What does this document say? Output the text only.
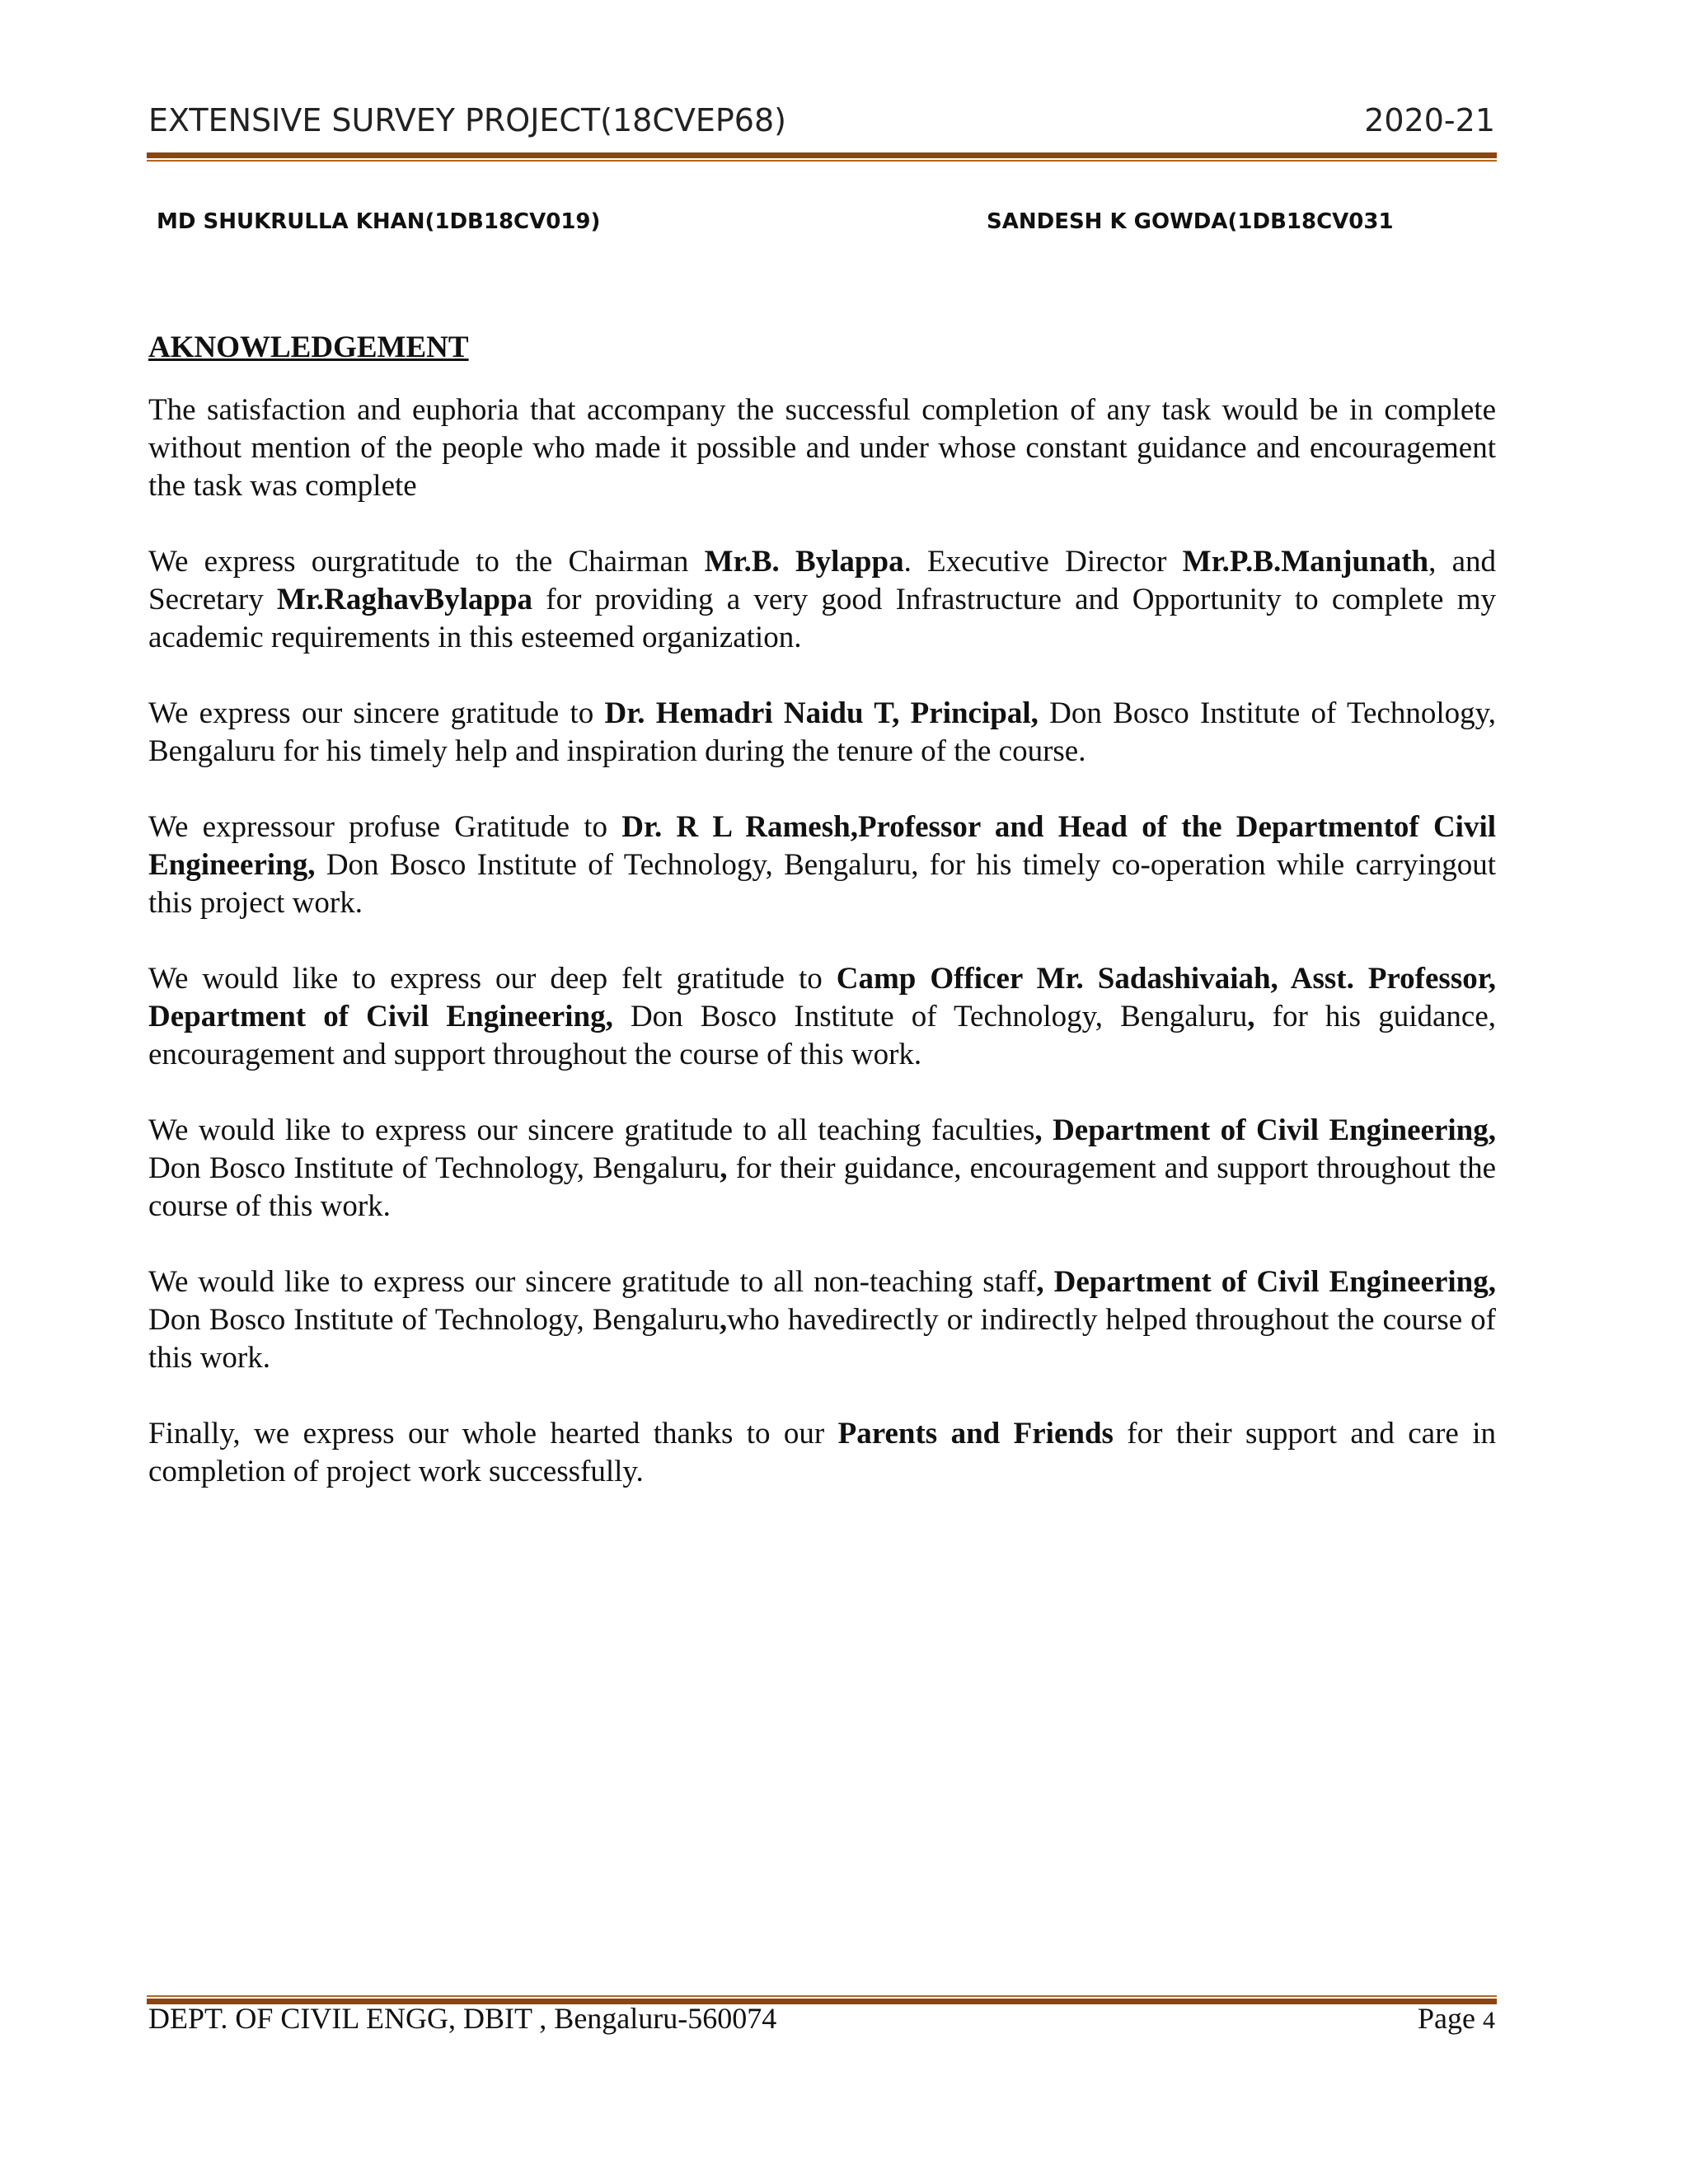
EXTENSIVE SURVEY PROJECT(18CVEP68)	2020-21
MD SHUKRULLA KHAN(1DB18CV019)	SANDESH K GOWDA(1DB18CV031
AKNOWLEDGEMENT

The satisfaction and euphoria that accompany the successful completion of any task would be in complete without mention of the people who made it possible and under whose constant guidance and encouragement the task was complete

We express ourgratitude to the Chairman Mr.B. Bylappa. Executive Director Mr.P.B.Manjunath, and Secretary Mr.RaghavBylappa for providing a very good Infrastructure and Opportunity to complete my academic requirements in this esteemed organization.

We express our sincere gratitude to Dr. Hemadri Naidu T, Principal, Don Bosco Institute of Technology, Bengaluru for his timely help and inspiration during the tenure of the course.

We expressour profuse Gratitude to Dr. R L Ramesh,Professor and Head of the Departmentof Civil Engineering, Don Bosco Institute of Technology, Bengaluru, for his timely co-operation while carryingout this project work.

We would like to express our deep felt gratitude to Camp Officer Mr. Sadashivaiah, Asst. Professor, Department of Civil Engineering, Don Bosco Institute of Technology, Bengaluru, for his guidance, encouragement and support throughout the course of this work.

We would like to express our sincere gratitude to all teaching faculties, Department of Civil Engineering, Don Bosco Institute of Technology, Bengaluru, for their guidance, encouragement and support throughout the course of this work.

We would like to express our sincere gratitude to all non-teaching staff, Department of Civil Engineering, Don Bosco Institute of Technology, Bengaluru,who havedirectly or indirectly helped throughout the course of this work.

Finally, we express our whole hearted thanks to our Parents and Friends for their support and care in completion of project work successfully.

DEPT. OF CIVIL ENGG, DBIT , Bengaluru-560074	Page 4
